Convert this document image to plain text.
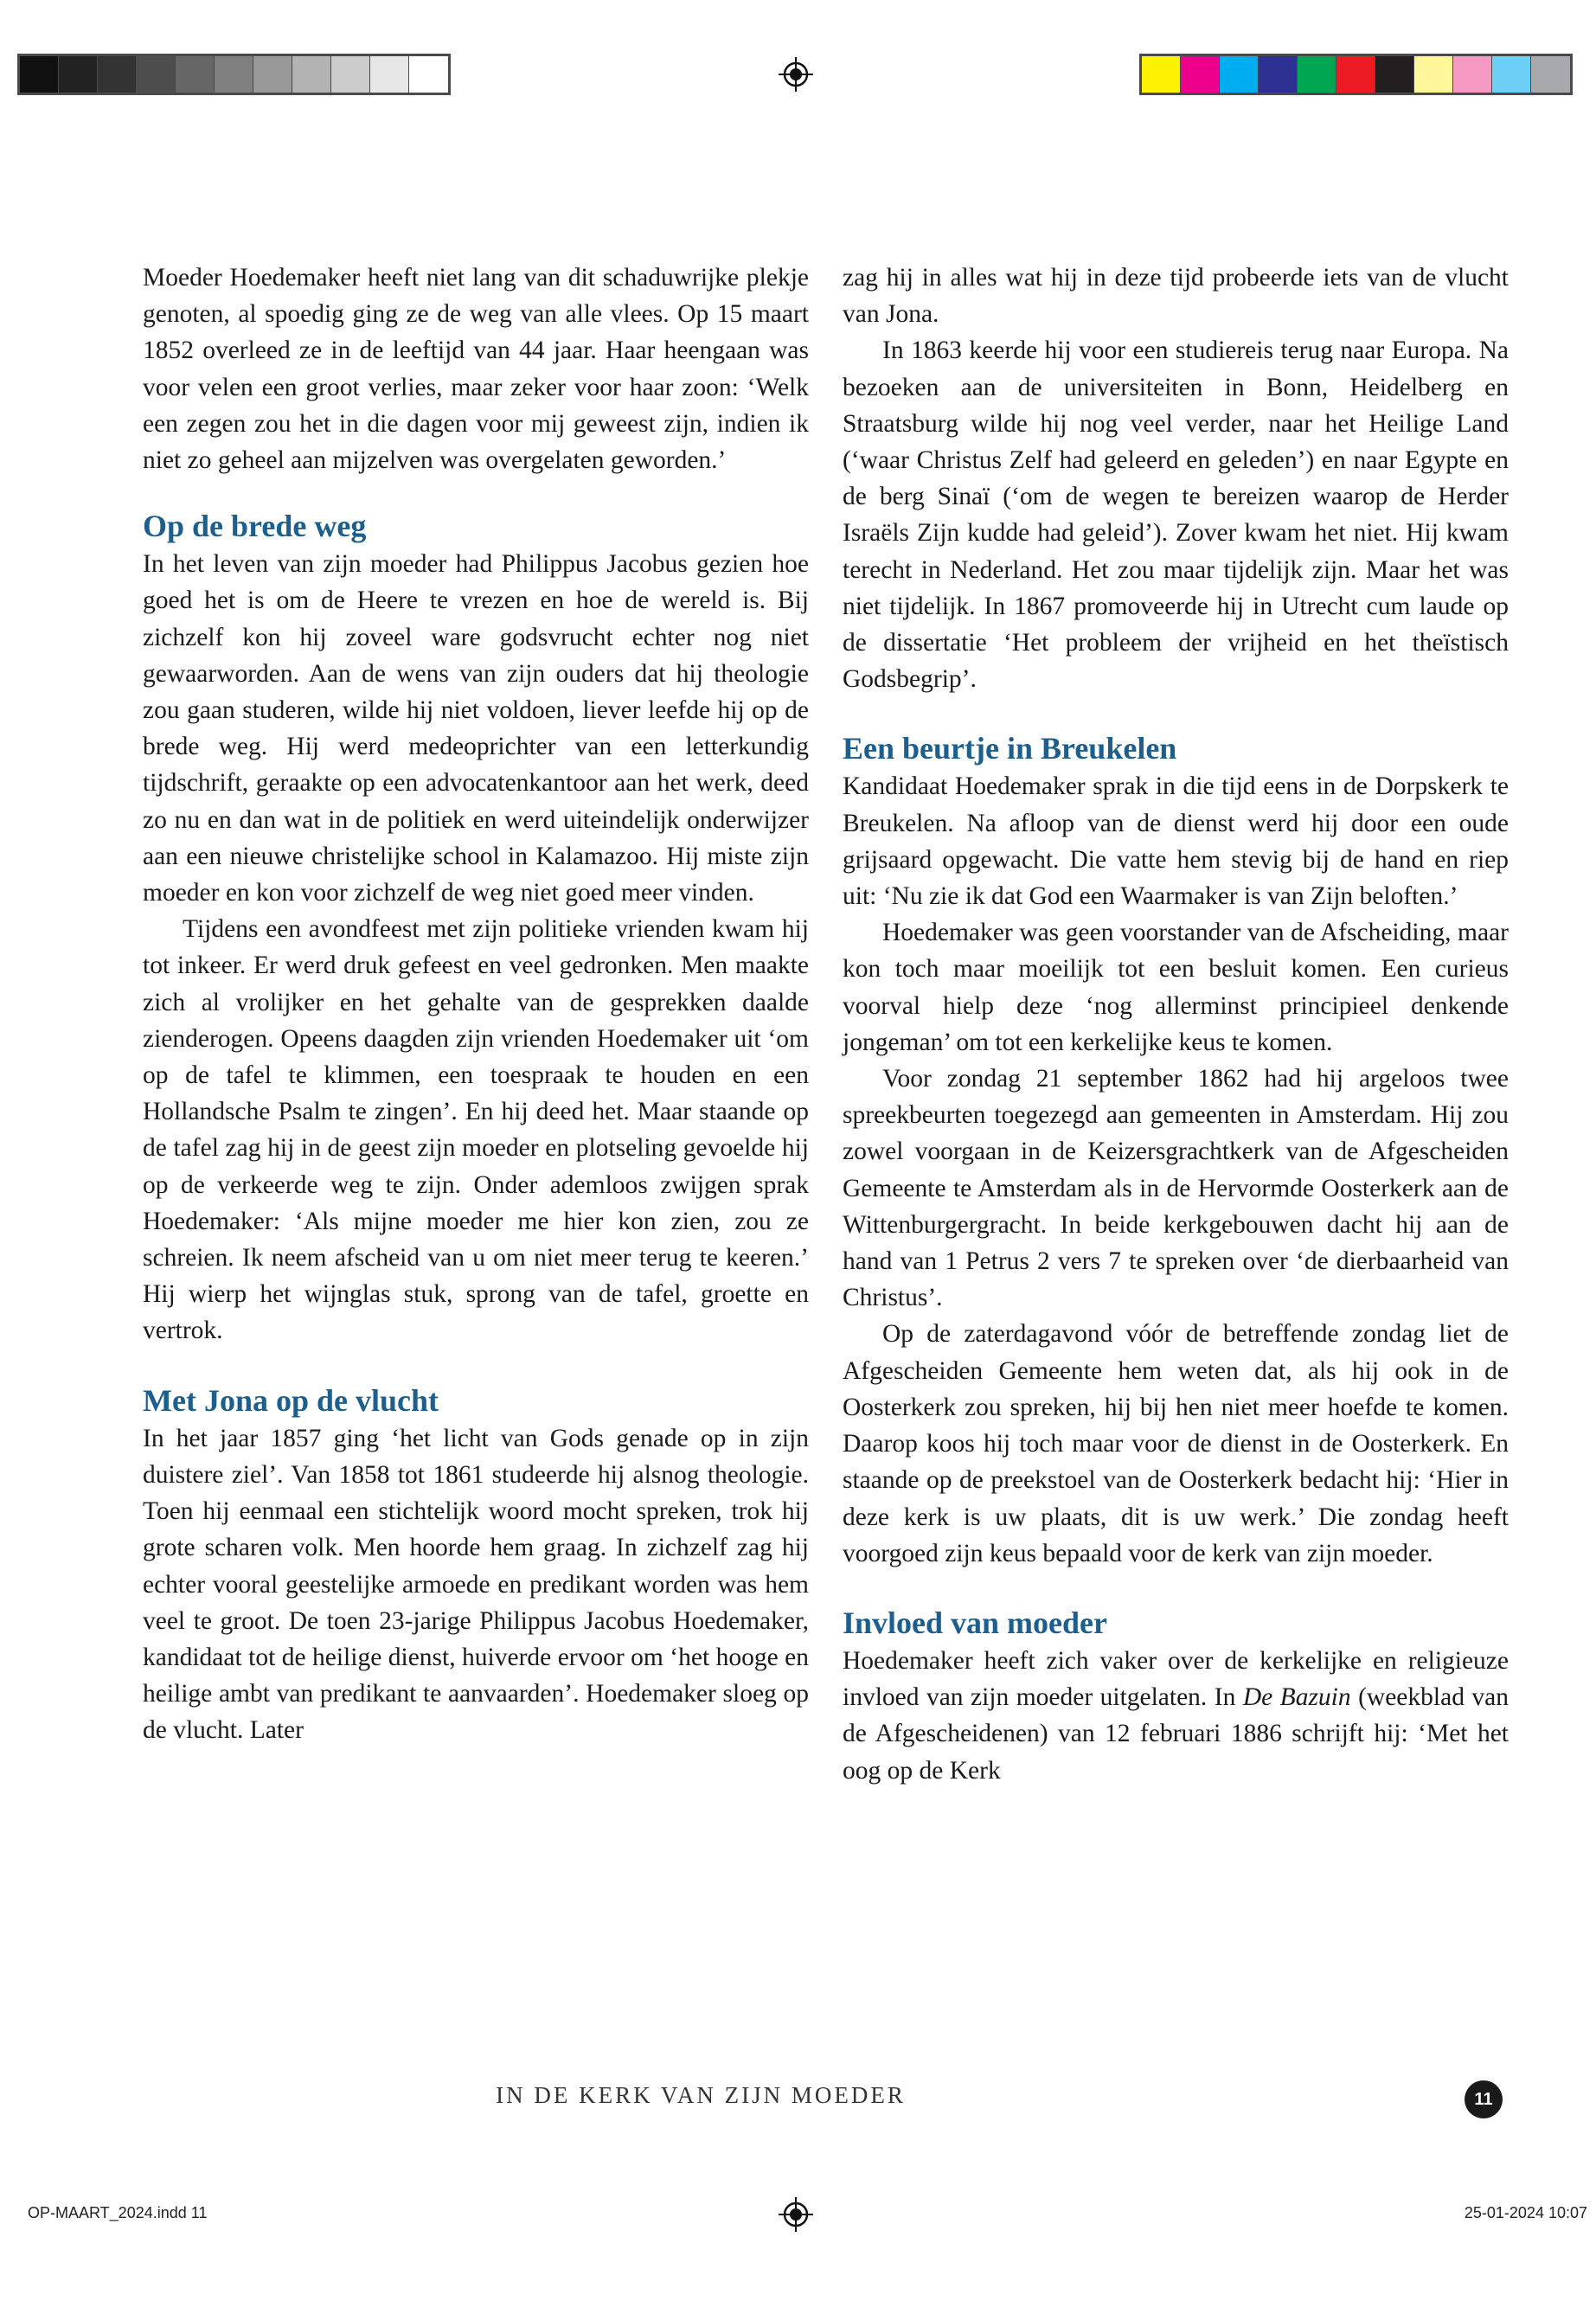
Moeder Hoedemaker heeft niet lang van dit schaduwrijke plekje genoten, al spoedig ging ze de weg van alle vlees. Op 15 maart 1852 overleed ze in de leeftijd van 44 jaar. Haar heengaan was voor velen een groot verlies, maar zeker voor haar zoon: ‘Welk een zegen zou het in die dagen voor mij geweest zijn, indien ik niet zo geheel aan mijzelven was overgelaten geworden.’

Op de brede weg

In het leven van zijn moeder had Philippus Jacobus gezien hoe goed het is om de Heere te vrezen en hoe de wereld is. Bij zichzelf kon hij zoveel ware godsvrucht echter nog niet gewaarworden. Aan de wens van zijn ouders dat hij theologie zou gaan studeren, wilde hij niet voldoen, liever leefde hij op de brede weg. Hij werd medeoprichter van een letterkundig tijdschrift, geraakte op een advocatenkantoor aan het werk, deed zo nu en dan wat in de politiek en werd uiteindelijk onderwijzer aan een nieuwe christelijke school in Kalamazoo. Hij miste zijn moeder en kon voor zichzelf de weg niet goed meer vinden.

Tijdens een avondfeest met zijn politieke vrienden kwam hij tot inkeer. Er werd druk gefeest en veel gedronken. Men maakte zich al vrolijker en het gehalte van de gesprekken daalde zienderogen. Opeens daagden zijn vrienden Hoedemaker uit ‘om op de tafel te klimmen, een toespraak te houden en een Hollandsche Psalm te zingen’. En hij deed het. Maar staande op de tafel zag hij in de geest zijn moeder en plotseling gevoelde hij op de verkeerde weg te zijn. Onder ademloos zwijgen sprak Hoedemaker: ‘Als mijne moeder me hier kon zien, zou ze schreien. Ik neem afscheid van u om niet meer terug te keeren.’ Hij wierp het wijnglas stuk, sprong van de tafel, groette en vertrok.

Met Jona op de vlucht

In het jaar 1857 ging ‘het licht van Gods genade op in zijn duistere ziel’. Van 1858 tot 1861 studeerde hij alsnog theologie. Toen hij eenmaal een stichtelijk woord mocht spreken, trok hij grote scharen volk. Men hoorde hem graag. In zichzelf zag hij echter vooral geestelijke armoede en predikant worden was hem veel te groot. De toen 23-jarige Philippus Jacobus Hoedemaker, kandidaat tot de heilige dienst, huiverde ervoor om ‘het hooge en heilige ambt van predikant te aanvaarden’. Hoedemaker sloeg op de vlucht. Later

zag hij in alles wat hij in deze tijd probeerde iets van de vlucht van Jona.

In 1863 keerde hij voor een studiereis terug naar Europa. Na bezoeken aan de universiteiten in Bonn, Heidelberg en Straatsburg wilde hij nog veel verder, naar het Heilige Land (‘waar Christus Zelf had geleerd en geleden’) en naar Egypte en de berg Sinaï (‘om de wegen te bereizen waarop de Herder Israëls Zijn kudde had geleid’). Zover kwam het niet. Hij kwam terecht in Nederland. Het zou maar tijdelijk zijn. Maar het was niet tijdelijk. In 1867 promoveerde hij in Utrecht cum laude op de dissertatie ‘Het probleem der vrijheid en het theïstisch Godsbegrip’.

Een beurtje in Breukelen

Kandidaat Hoedemaker sprak in die tijd eens in de Dorpskerk te Breukelen. Na afloop van de dienst werd hij door een oude grijsaard opgewacht. Die vatte hem stevig bij de hand en riep uit: ‘Nu zie ik dat God een Waarmaker is van Zijn beloften.’

Hoedemaker was geen voorstander van de Afscheiding, maar kon toch maar moeilijk tot een besluit komen. Een curieus voorval hielp deze ‘nog allerminst principieel denkende jongeman’ om tot een kerkelijke keus te komen.

Voor zondag 21 september 1862 had hij argeloos twee spreekbeurten toegezegd aan gemeenten in Amsterdam. Hij zou zowel voorgaan in de Keizersgrachtkerk van de Afgescheiden Gemeente te Amsterdam als in de Hervormde Oosterkerk aan de Wittenburgergracht. In beide kerkgebouwen dacht hij aan de hand van 1 Petrus 2 vers 7 te spreken over ‘de dierbaarheid van Christus’.

Op de zaterdagavond vóór de betreffende zondag liet de Afgescheiden Gemeente hem weten dat, als hij ook in de Oosterkerk zou spreken, hij bij hen niet meer hoefde te komen. Daarop koos hij toch maar voor de dienst in de Oosterkerk. En staande op de preekstoel van de Oosterkerk bedacht hij: ‘Hier in deze kerk is uw plaats, dit is uw werk.’ Die zondag heeft voorgoed zijn keus bepaald voor de kerk van zijn moeder.

Invloed van moeder

Hoedemaker heeft zich vaker over de kerkelijke en religieuze invloed van zijn moeder uitgelaten. In De Bazuin (weekblad van de Afgescheidenen) van 12 februari 1886 schrijft hij: ‘Met het oog op de Kerk

IN DE KERK VAN ZIJN MOEDER	11
OP-MAART_2024.indd 11	25-01-2024 10:07
